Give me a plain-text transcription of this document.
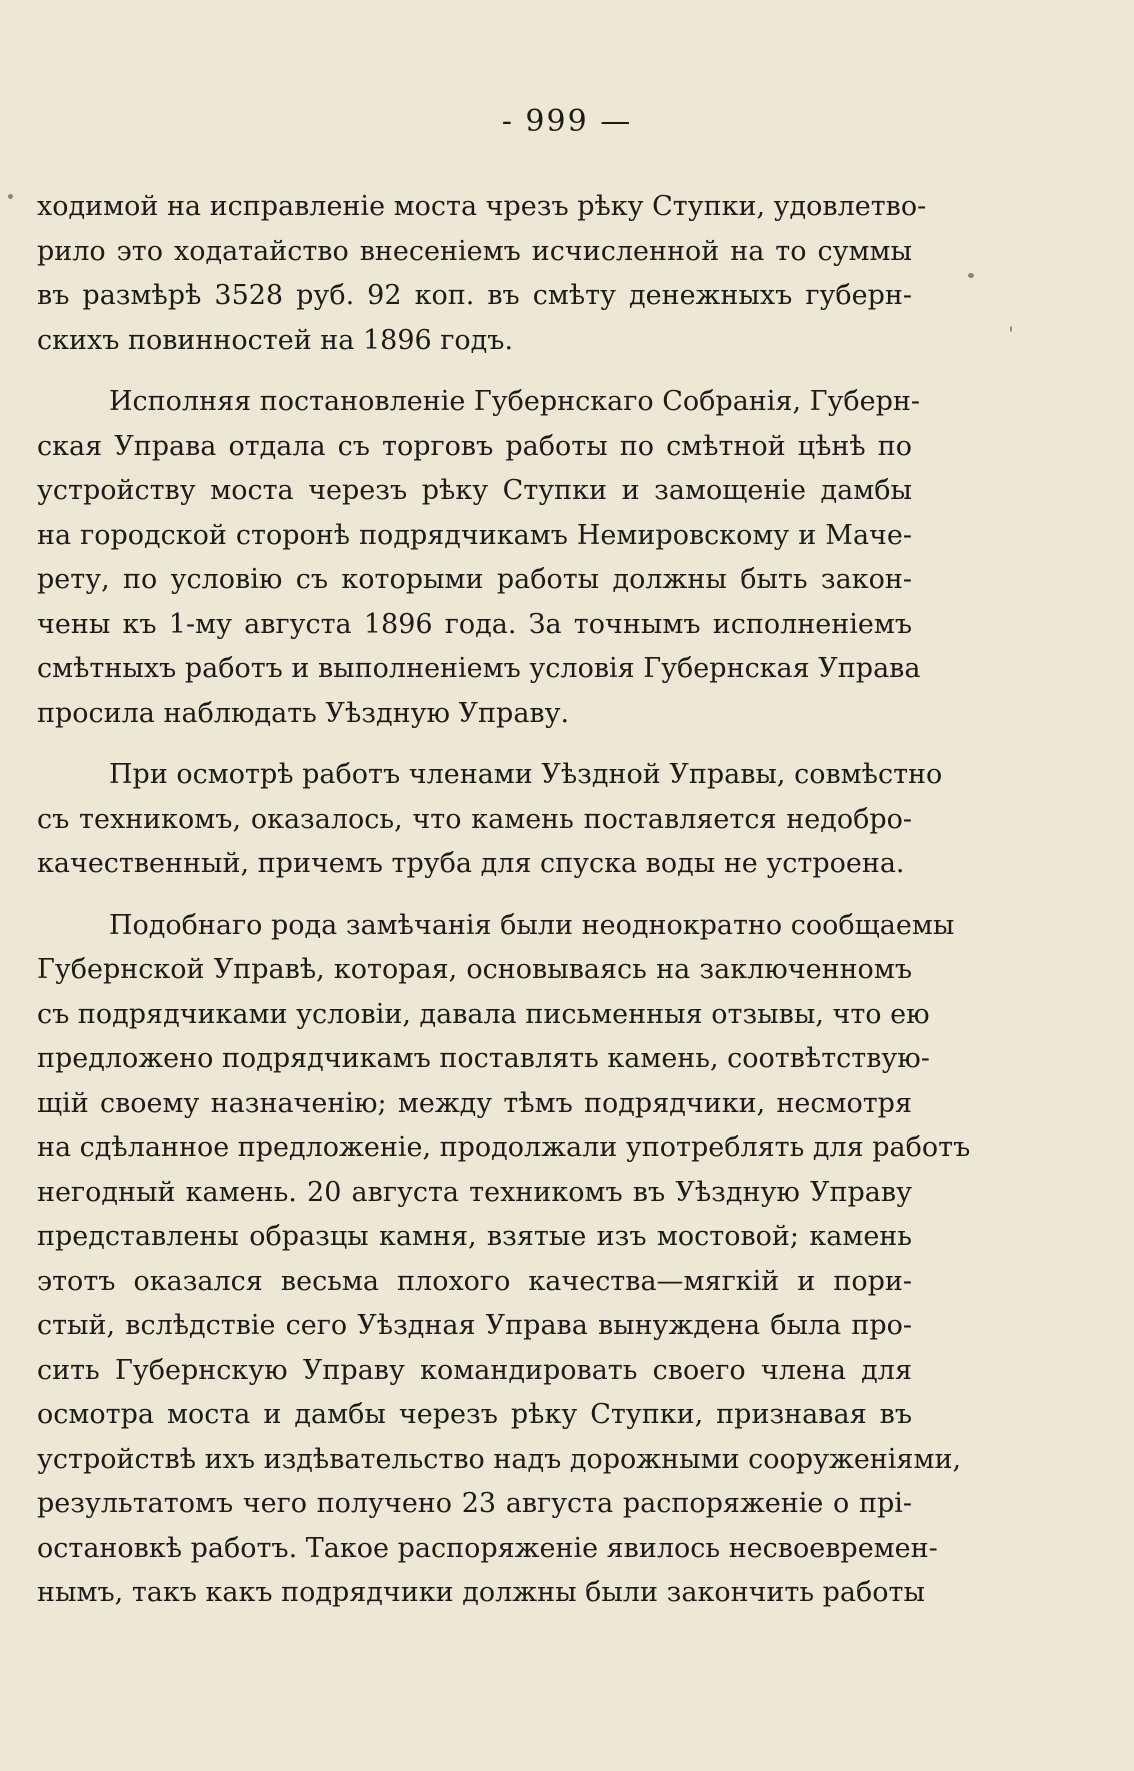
- 999 —
ходимой на исправленіе моста чрезъ рѣку Ступки, удовлетво-
рило это ходатайство внесеніемъ исчисленной на то суммы
въ размѣрѣ 3528 руб. 92 коп. въ смѣту денежныхъ губерн-
скихъ повинностей на 1896 годъ.
Исполняя постановленіе Губернскаго Собранія, Губерн-
ская Управа отдала съ торговъ работы по смѣтной цѣнѣ по
устройству моста черезъ рѣку Ступки и замощеніе дамбы
на городской сторонѣ подрядчикамъ Немировскому и Маче-
рету, по условію съ которыми работы должны быть закон-
чены къ 1-му августа 1896 года. За точнымъ исполненіемъ
смѣтныхъ работъ и выполненіемъ условія Губернская Управа
просила наблюдать Уѣздную Управу.
При осмотрѣ работъ членами Уѣздной Управы, совмѣстно
съ техникомъ, оказалось, что камень поставляется недобро-
качественный, причемъ труба для спуска воды не устроена.
Подобнаго рода замѣчанія были неоднократно сообщаемы
Губернской Управѣ, которая, основываясь на заключенномъ
съ подрядчиками условіи, давала письменныя отзывы, что ею
предложено подрядчикамъ поставлять камень, соотвѣтствую-
щій своему назначенію; между тѣмъ подрядчики, несмотря
на сдѣланное предложеніе, продолжали употреблять для работъ
негодный камень. 20 августа техникомъ въ Уѣздную Управу
представлены образцы камня, взятые изъ мостовой; камень
этотъ оказался весьма плохого качества—мягкій и пори-
стый, вслѣдствіе сего Уѣздная Управа вынуждена была про-
сить Губернскую Управу командировать своего члена для
осмотра моста и дамбы черезъ рѣку Ступки, признавая въ
устройствѣ ихъ издѣвательство надъ дорожными сооруженіями,
результатомъ чего получено 23 августа распоряженіе о пpі-
остановкѣ работъ. Такое распоряженіе явилось несвоевремен-
нымъ, такъ какъ подрядчики должны были закончить работы
